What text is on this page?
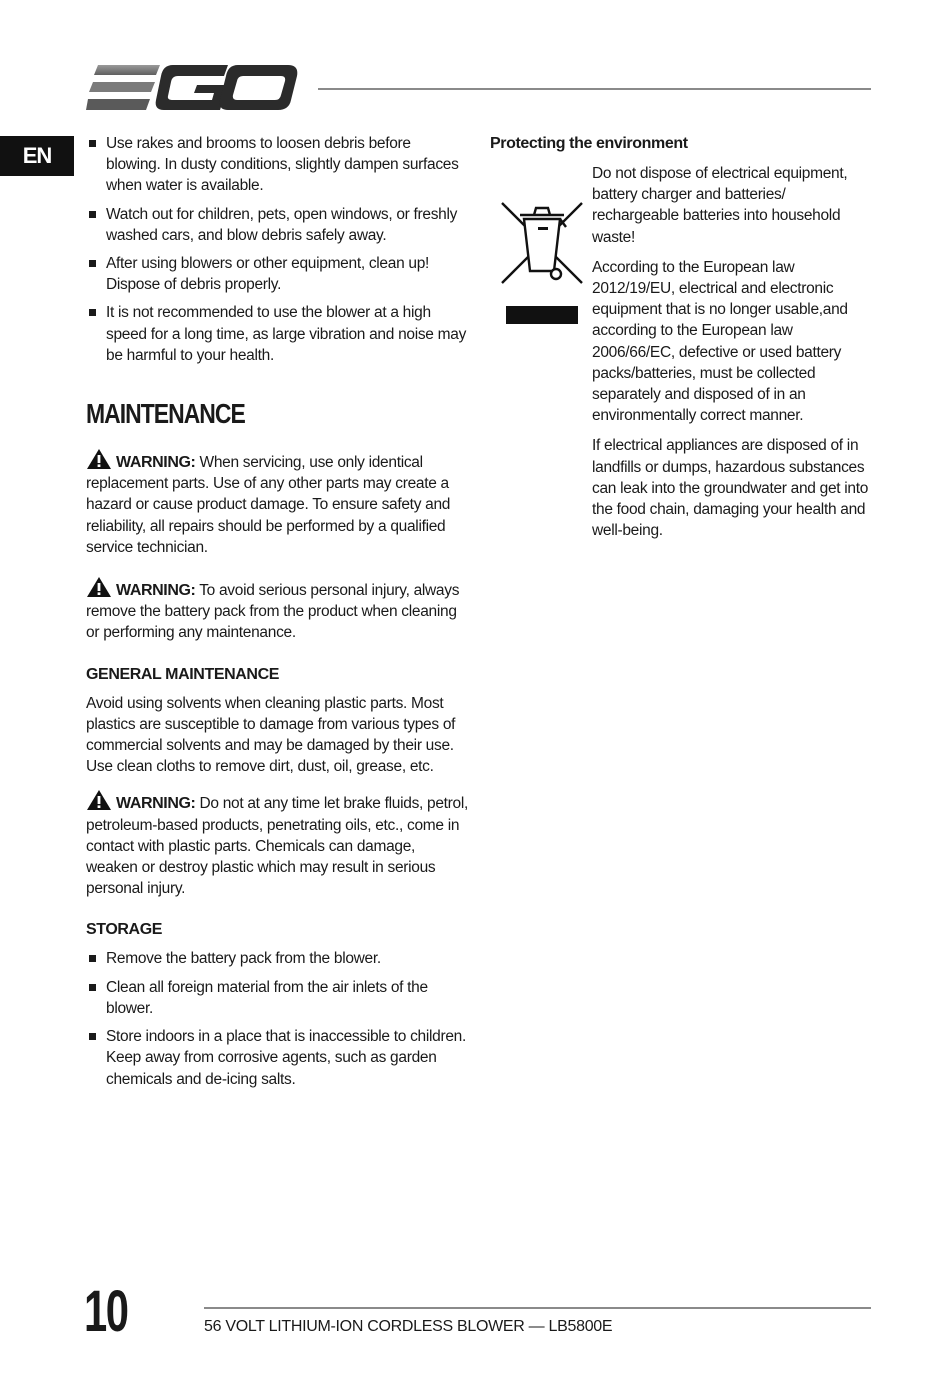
EN	Use rakes and brooms to loosen debris before blowing. In dusty conditions, slightly dampen surfaces when water is available.
Watch out for children, pets, open windows, or freshly washed cars, and blow debris safely away.
After using blowers or other equipment, clean up! Dispose of debris properly.
It is not recommended to use the blower at a high speed for a long time, as large vibration and noise may be harmful to your health.
MAINTENANCE
WARNING: When servicing, use only identical replacement parts. Use of any other parts may create a hazard or cause product damage. To ensure safety and reliability, all repairs should be performed by a qualified service technician.
WARNING: To avoid serious personal injury, always remove the battery pack from the product when cleaning or performing any maintenance.
GENERAL MAINTENANCE

Avoid using solvents when cleaning plastic parts. Most plastics are susceptible to damage from various types of commercial solvents and may be damaged by their use. Use clean cloths to remove dirt, dust, oil, grease, etc.

WARNING: Do not at any time let brake fluids, petrol, petroleum-based products, penetrating oils, etc., come in contact with plastic parts. Chemicals can damage, weaken or destroy plastic which may result in serious personal injury.
STORAGE
Remove the battery pack from the blower.
Clean all foreign material from the air inlets of the blower.
Store indoors in a place that is inaccessible to children. Keep away from corrosive agents, such as garden chemicals and de-icing salts.
Protecting the environment

Do not dispose of electrical equipment, battery charger and batteries/ rechargeable batteries into household waste!

According to the European law 2012/19/EU, electrical and electronic equipment that is no longer usable,and according to the European law 2006/66/EC, defective or used battery packs/batteries, must be collected separately and disposed of in an environmentally correct manner.

If electrical appliances are disposed of in landfills or dumps, hazardous substances can leak into the groundwater and get into the food chain, damaging your health and well-being.

10	56 VOLT LITHIUM-ION CORDLESS BLOWER — LB5800E
